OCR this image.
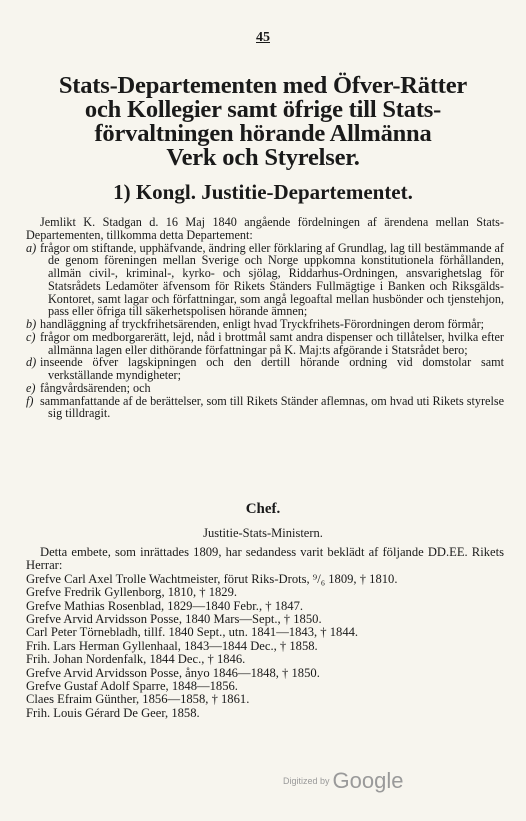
45
Stats-Departementen med Öfver-Rätter
och Kollegier samt öfrige till Stats-
förvaltningen hörande Allmänna
Verk och Styrelser.
1) Kongl. Justitie-Departementet.

Jemlikt K. Stadgan d. 16 Maj 1840 angående fördelningen af ärendena mellan Stats-Departementen, tillkomma detta Departement:

a) frågor om stiftande, upphäfvande, ändring eller förklaring af Grundlag, lag till bestämmande af de genom föreningen mellan Sverige och Norge uppkomna konstitutionela förhållanden, allmän civil-, kriminal-, kyrko- och sjölag, Riddarhus-Ordningen, ansvarighetslag för Statsrådets Ledamöter äfvensom för Rikets Ständers Fullmägtige i Banken och Riksgälds-Kontoret, samt lagar och författningar, som angå legoaftal mellan husbönder och tjenstehjon, pass eller öfriga till säkerhetspolisen hörande ämnen;

b) handläggning af tryckfrihetsärenden, enligt hvad Tryckfrihets-Förordningen derom förmår;

c) frågor om medborgarerätt, lejd, nåd i brottmål samt andra dispenser och tillåtelser, hvilka efter allmänna lagen eller dithörande författningar på K. Maj:ts afgörande i Statsrådet bero;

d) inseende öfver lagskipningen och den dertill hörande ordning vid domstolar samt verkställande myndigheter;

e) fångvårdsärenden; och

f) sammanfattande af de berättelser, som till Rikets Ständer aflemnas, om hvad uti Rikets styrelse sig tilldragit.

Chef.
Justitie-Stats-Ministern.

Detta embete, som inrättades 1809, har sedandess varit beklädt af följande DD.EE. Rikets Herrar:

Grefve Carl Axel Trolle Wachtmeister, förut Riks-Drots, ⁹/₆ 1809, † 1810.

Grefve Fredrik Gyllenborg, 1810, † 1829.

Grefve Mathias Rosenblad, 1829—1840 Febr., † 1847.

Grefve Arvid Arvidsson Posse, 1840 Mars—Sept., † 1850.

Carl Peter Törnebladh, tillf. 1840 Sept., utn. 1841—1843, † 1844.

Frih. Lars Herman Gyllenhaal, 1843—1844 Dec., † 1858.

Frih. Johan Nordenfalk, 1844 Dec., † 1846.

Grefve Arvid Arvidsson Posse, ånyo 1846—1848, † 1850.

Grefve Gustaf Adolf Sparre, 1848—1856.

Claes Efraim Günther, 1856—1858, † 1861.

Frih. Louis Gérard De Geer, 1858.

Digitized by Google
